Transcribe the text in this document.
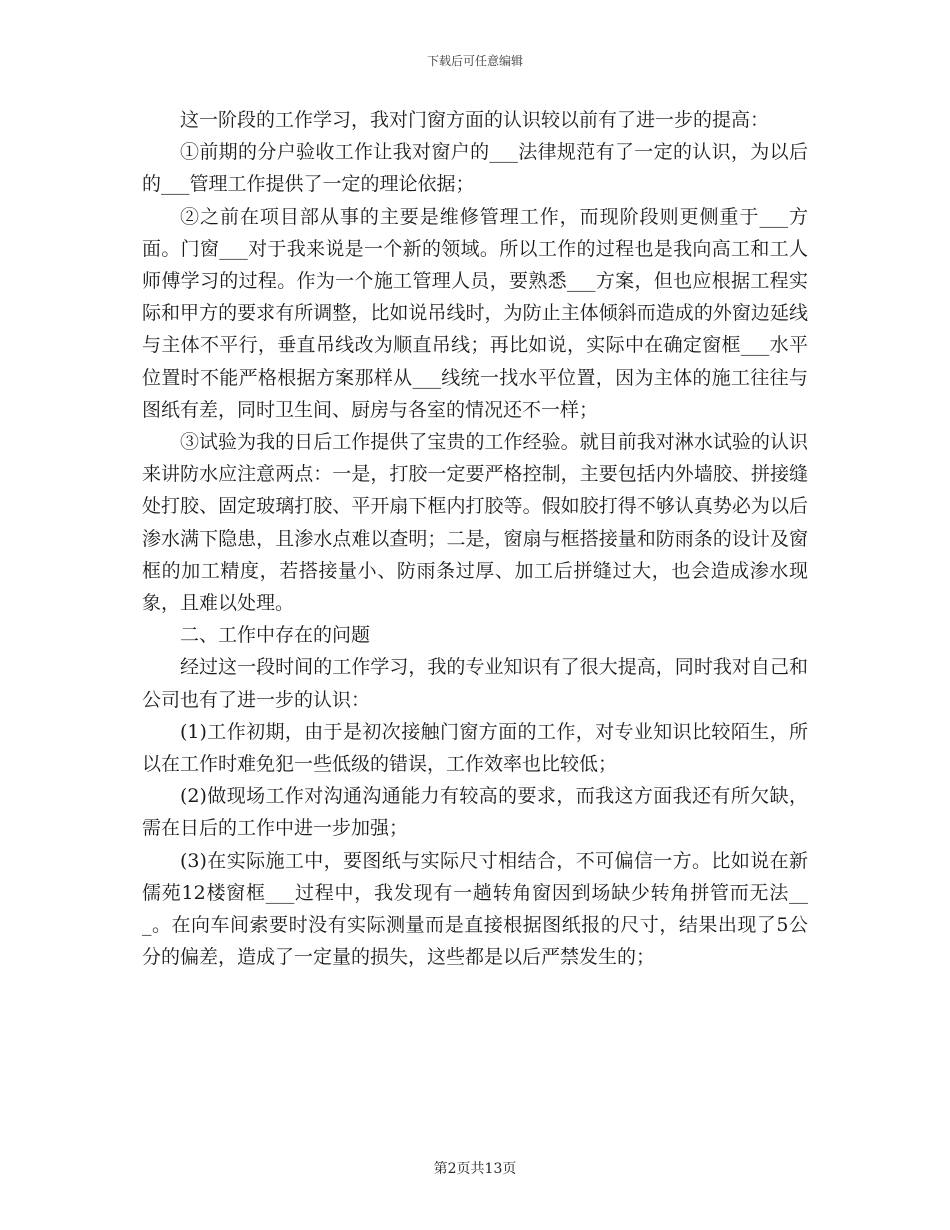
下载后可任意编辑

这一阶段的工作学习，我对门窗方面的认识较以前有了进一步的提高：

①前期的分户验收工作让我对窗户的___法律规范有了一定的认识，为以后的___管理工作提供了一定的理论依据；

②之前在项目部从事的主要是维修管理工作，而现阶段则更侧重于___方面。门窗___对于我来说是一个新的领域。所以工作的过程也是我向高工和工人师傅学习的过程。作为一个施工管理人员，要熟悉___方案，但也应根据工程实际和甲方的要求有所调整，比如说吊线时，为防止主体倾斜而造成的外窗边延线与主体不平行，垂直吊线改为顺直吊线；再比如说，实际中在确定窗框___水平位置时不能严格根据方案那样从___线统一找水平位置，因为主体的施工往往与图纸有差，同时卫生间、厨房与各室的情况还不一样；

③试验为我的日后工作提供了宝贵的工作经验。就目前我对淋水试验的认识来讲防水应注意两点：一是，打胶一定要严格控制，主要包括内外墙胶、拼接缝处打胶、固定玻璃打胶、平开扇下框内打胶等。假如胶打得不够认真势必为以后渗水满下隐患，且渗水点难以查明；二是，窗扇与框搭接量和防雨条的设计及窗框的加工精度，若搭接量小、防雨条过厚、加工后拼缝过大，也会造成渗水现象，且难以处理。

二、工作中存在的问题

经过这一段时间的工作学习，我的专业知识有了很大提高，同时我对自己和公司也有了进一步的认识：

(1)工作初期，由于是初次接触门窗方面的工作，对专业知识比较陌生，所以在工作时难免犯一些低级的错误，工作效率也比较低；

(2)做现场工作对沟通沟通能力有较高的要求，而我这方面我还有所欠缺，需在日后的工作中进一步加强；

(3)在实际施工中，要图纸与实际尺寸相结合，不可偏信一方。比如说在新儒苑12楼窗框___过程中，我发现有一趟转角窗因到场缺少转角拼管而无法___。在向车间索要时没有实际测量而是直接根据图纸报的尺寸，结果出现了5公分的偏差，造成了一定量的损失，这些都是以后严禁发生的；

第2页共13页
